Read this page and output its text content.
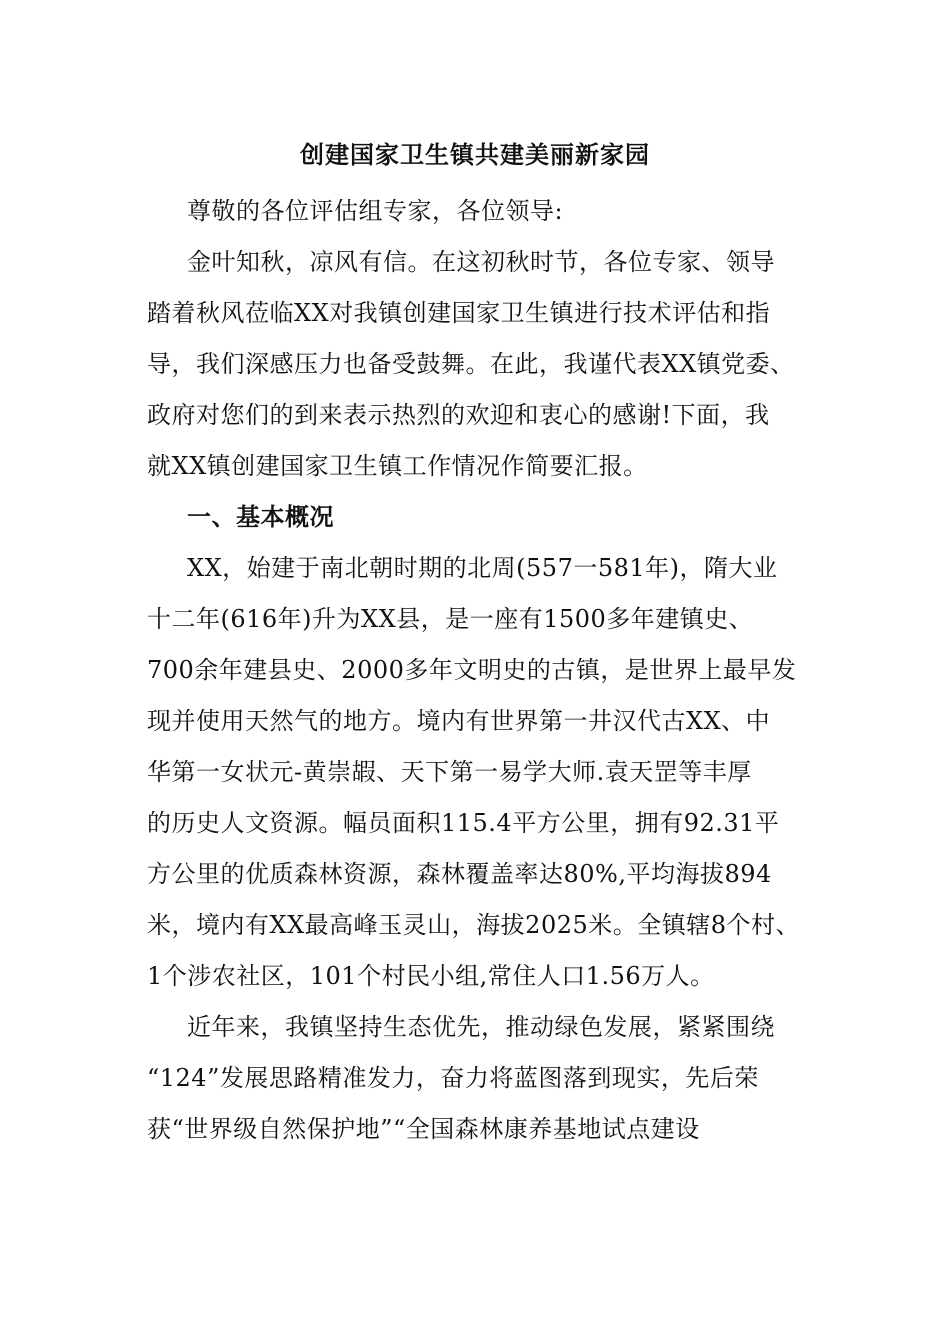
创建国家卫生镇共建美丽新家园
尊敬的各位评估组专家，各位领导:
金叶知秋，凉风有信。在这初秋时节，各位专家、领导
踏着秋风莅临XX对我镇创建国家卫生镇进行技术评估和指
导，我们深感压力也备受鼓舞。在此，我谨代表XX镇党委、
政府对您们的到来表示热烈的欢迎和衷心的感谢!下面，我
就XX镇创建国家卫生镇工作情况作简要汇报。
一、基本概况
XX，始建于南北朝时期的北周(557一581年)，隋大业
十二年(616年)升为XX县，是一座有1500多年建镇史、
700余年建县史、2000多年文明史的古镇，是世界上最早发
现并使用天然气的地方。境内有世界第一井汉代古XX、中
华第一女状元-黄崇嘏、天下第一易学大师.袁天罡等丰厚
的历史人文资源。幅员面积115.4平方公里，拥有92.31平
方公里的优质森林资源，森林覆盖率达80%,平均海拔894
米，境内有XX最高峰玉灵山，海拔2025米。全镇辖8个村、
1个涉农社区，101个村民小组,常住人口1.56万人。
近年来，我镇坚持生态优先，推动绿色发展，紧紧围绕
“124”发展思路精准发力，奋力将蓝图落到现实，先后荣
获“世界级自然保护地”“全国森林康养基地试点建设
